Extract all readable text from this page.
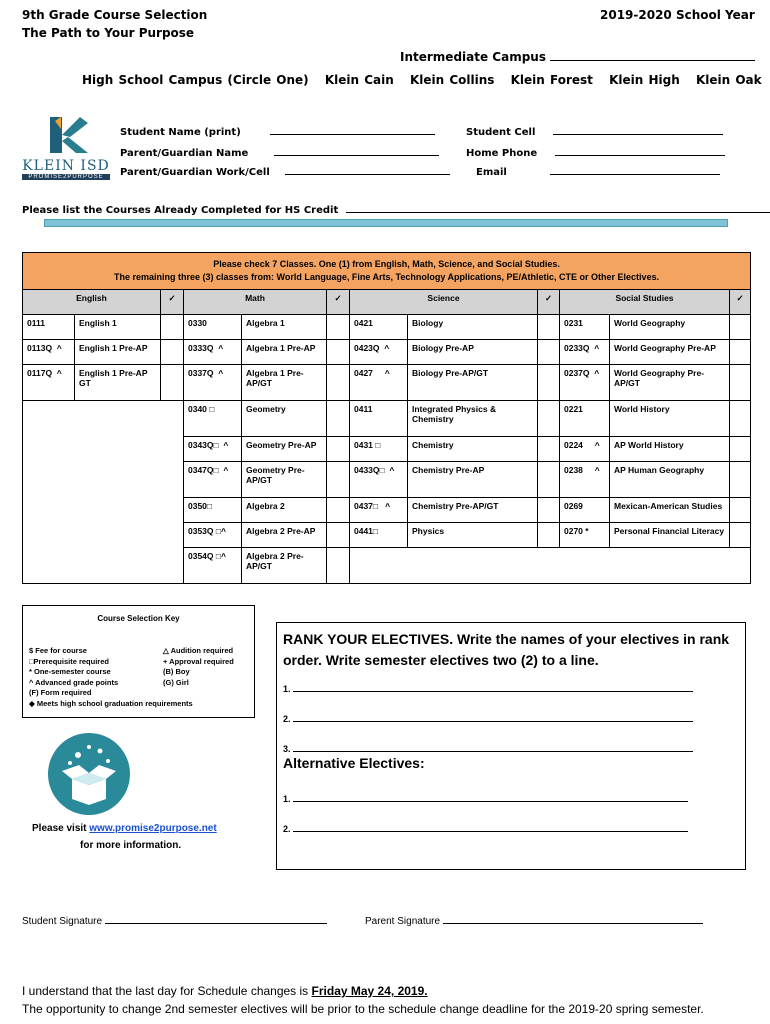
9th Grade Course Selection
The Path to Your Purpose
2019-2020 School Year
Intermediate Campus
High School Campus (Circle One) Klein Cain Klein Collins Klein Forest Klein High Klein Oak
KLEIN ISD
PROMISE2PURPOSE
Student Name (print)
Parent/Guardian Name
Parent/Guardian Work/Cell
Student Cell
Home Phone
Email
Please list the Courses Already Completed for HS Credit
Please check 7 Classes. One (1) from English, Math, Science, and Social Studies.
The remaining three (3) classes from: World Language, Fine Arts, Technology Applications, PE/Athletic, CTE or Other Electives.											

English		✓	Math		✓	Science		✓	Social Studies		✓
0111	English 1		0330	Algebra 1		0421	Biology		0231	World Geography	
0113Q  ^	English 1 Pre-AP		0333Q  ^	Algebra 1 Pre-AP		0423Q  ^	Biology Pre-AP		0233Q  ^	World Geography Pre-AP	
0117Q  ^	English 1 Pre-AP GT		0337Q  ^	Algebra 1 Pre-AP/GT		0427     ^	Biology Pre-AP/GT		0237Q  ^	World Geography Pre-AP/GT	
			0340 □	Geometry		0411	Integrated Physics & Chemistry		0221	World History	
			0343Q□  ^	Geometry Pre-AP		0431 □	Chemistry		0224     ^	AP World History	
			0347Q□  ^	Geometry Pre-AP/GT		0433Q□  ^	Chemistry Pre-AP		0238     ^	AP Human Geography	
			0350□	Algebra 2		0437□   ^	Chemistry Pre-AP/GT		0269	Mexican-American Studies	
			0353Q □^	Algebra 2 Pre-AP		0441□	Physics		0270 *	Personal Financial Literacy	
			0354Q □^	Algebra 2 Pre-AP/GT							
Course Selection Key
$ Fee for course
□Prerequisite required
* One-semester course
^ Advanced grade points
(F) Form required
◆ Meets high school graduation requirements
△ Audition required
+ Approval required
(B) Boy
(G) Girl
RANK YOUR ELECTIVES. Write the names of your electives in rank order. Write semester electives two (2) to a line.
1.
2.
3.
Alternative Electives:
1.
2.
Please visit www.promise2purpose.net
for more information.
Student Signature	Parent Signature
I understand that the last day for Schedule changes is Friday May 24, 2019.
The opportunity to change 2nd semester electives will be prior to the schedule change deadline for the 2019-20 spring semester.
